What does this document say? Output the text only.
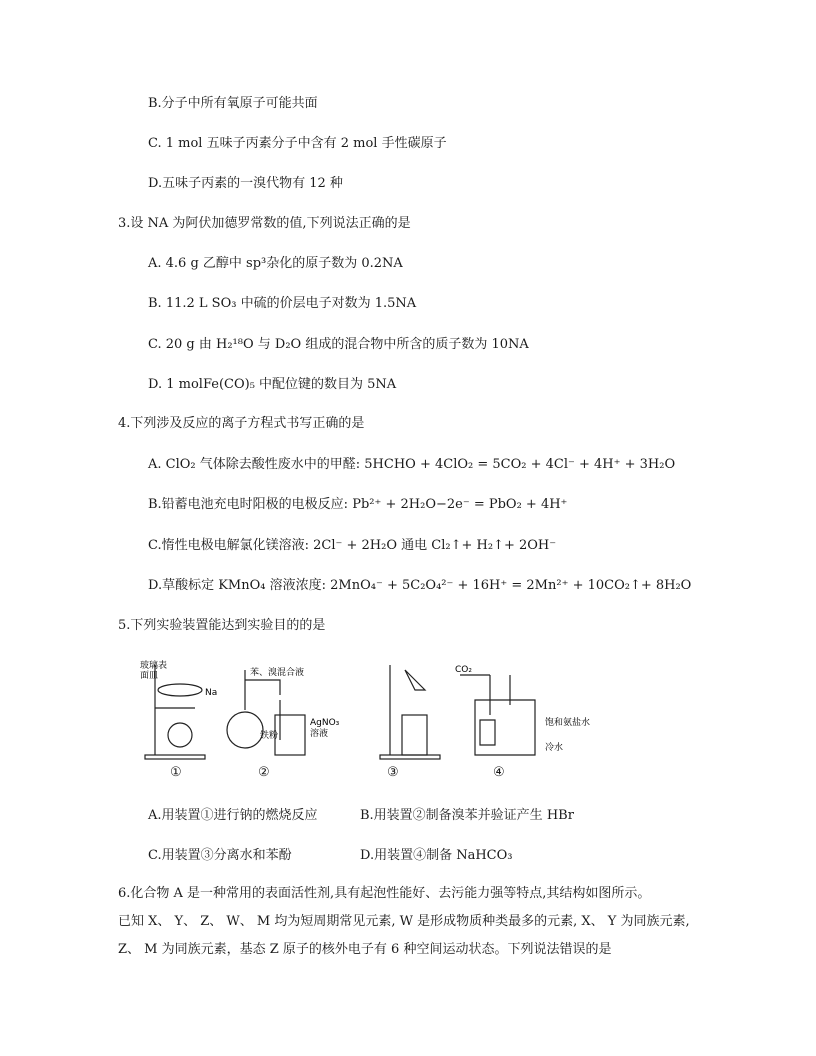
B.分子中所有氧原子可能共面
C. 1 mol 五味子丙素分子中含有 2 mol 手性碳原子
D.五味子丙素的一溴代物有 12 种
3.设 NA 为阿伏加德罗常数的值,下列说法正确的是
A. 4.6 g 乙醇中 sp³杂化的原子数为 0.2NA
B. 11.2 L SO₃ 中硫的价层电子对数为 1.5NA
C. 20 g 由 H₂¹⁸O 与 D₂O 组成的混合物中所含的质子数为 10NA
D. 1 molFe(CO)₅ 中配位键的数目为 5NA
4.下列涉及反应的离子方程式书写正确的是
A. ClO₂ 气体除去酸性废水中的甲醛: 5HCHO + 4ClO₂ = 5CO₂ + 4Cl⁻ + 4H⁺ + 3H₂O
B.铅蓄电池充电时阳极的电极反应: Pb²⁺ + 2H₂O−2e⁻ = PbO₂ + 4H⁺
C.惰性电极电解氯化镁溶液: 2Cl⁻ + 2H₂O 通电 Cl₂↑+ H₂↑+ 2OH⁻
D.草酸标定 KMnO₄ 溶液浓度: 2MnO₄⁻ + 5C₂O₄²⁻ + 16H⁺ = 2Mn²⁺ + 10CO₂↑+ 8H₂O
5.下列实验装置能达到实验目的的是
玻璃表
面皿
Na
苯、溴混合液
铁粉
AgNO₃
溶液
CO₂
饱和氨盐水
冷水
①	②	③	④
A.用装置①进行钠的燃烧反应	B.用装置②制备溴苯并验证产生 HBr
C.用装置③分离水和苯酚	D.用装置④制备 NaHCO₃
6.化合物 A 是一种常用的表面活性剂,具有起泡性能好、去污能力强等特点,其结构如图所示。
已知 X、 Y、 Z、 W、 M 均为短周期常见元素, W 是形成物质种类最多的元素, X、 Y 为同族元素,
Z、 M 为同族元素，基态 Z 原子的核外电子有 6 种空间运动状态。下列说法错误的是
